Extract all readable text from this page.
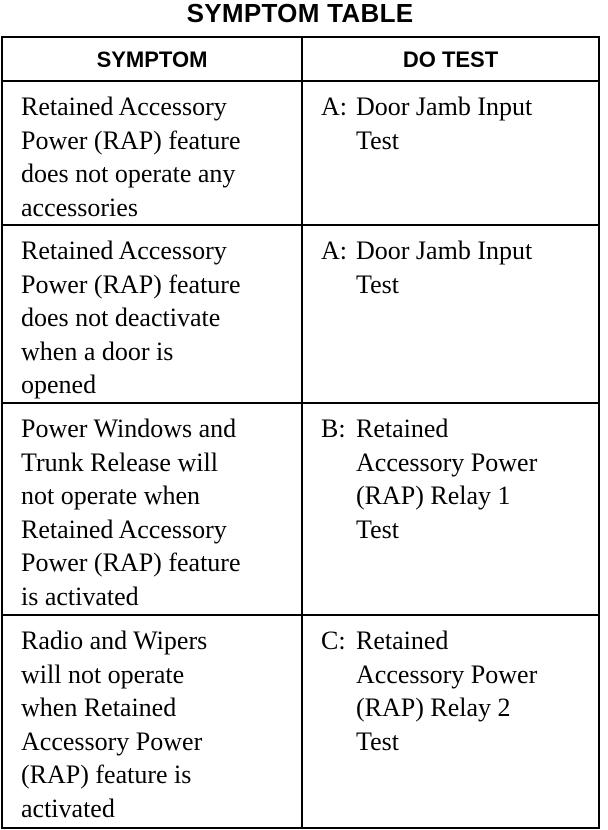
SYMPTOM TABLE
SYMPTOM	DO TEST
Retained Accessory
Power (RAP) feature
does not operate any
accessories

A: Door Jamb Input
Test

Retained Accessory
Power (RAP) feature
does not deactivate
when a door is
opened

A: Door Jamb Input
Test

Power Windows and
Trunk Release will
not operate when
Retained Accessory
Power (RAP) feature
is activated

B: Retained
Accessory Power
(RAP) Relay 1
Test

Radio and Wipers
will not operate
when Retained
Accessory Power
(RAP) feature is
activated

C: Retained
Accessory Power
(RAP) Relay 2
Test
